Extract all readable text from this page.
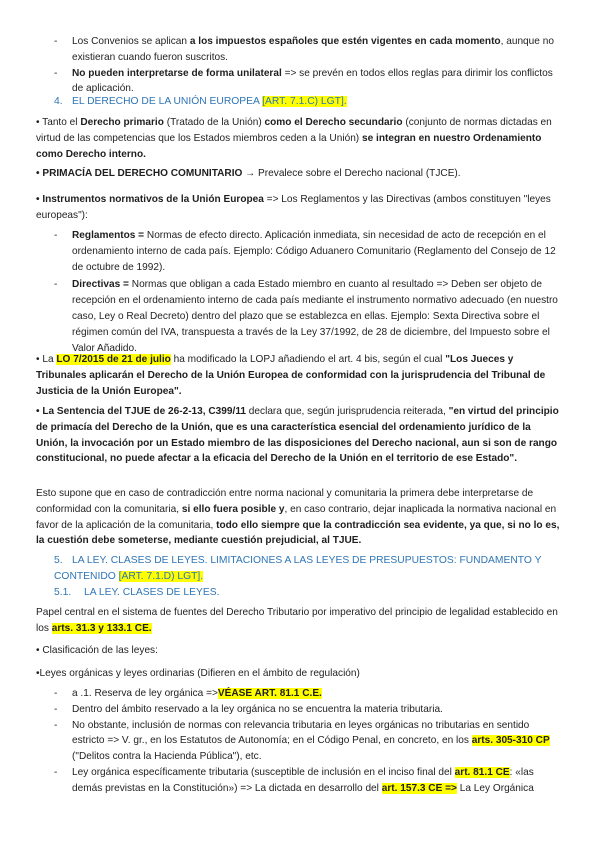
- Los Convenios se aplican a los impuestos españoles que estén vigentes en cada momento, aunque no existieran cuando fueron suscritos.
- No pueden interpretarse de forma unilateral => se prevén en todos ellos reglas para dirimir los conflictos de aplicación.
4. EL DERECHO DE LA UNIÓN EUROPEA [ART. 7.1.C) LGT].

• Tanto el Derecho primario (Tratado de la Unión) como el Derecho secundario (conjunto de normas dictadas en virtud de las competencias que los Estados miembros ceden a la Unión) se integran en nuestro Ordenamiento como Derecho interno.

• PRIMACÍA DEL DERECHO COMUNITARIO → Prevalece sobre el Derecho nacional (TJCE).

• Instrumentos normativos de la Unión Europea => Los Reglamentos y las Directivas (ambos constituyen "leyes europeas"):

- Reglamentos = Normas de efecto directo. Aplicación inmediata, sin necesidad de acto de recepción en el ordenamiento interno de cada país. Ejemplo: Código Aduanero Comunitario (Reglamento del Consejo de 12 de octubre de 1992).
- Directivas = Normas que obligan a cada Estado miembro en cuanto al resultado => Deben ser objeto de recepción en el ordenamiento interno de cada país mediante el instrumento normativo adecuado (en nuestro caso, Ley o Real Decreto) dentro del plazo que se establezca en ellas. Ejemplo: Sexta Directiva sobre el régimen común del IVA, transpuesta a través de la Ley 37/1992, de 28 de diciembre, del Impuesto sobre el Valor Añadido.

• La LO 7/2015 de 21 de julio ha modificado la LOPJ añadiendo el art. 4 bis, según el cual "Los Jueces y Tribunales aplicarán el Derecho de la Unión Europea de conformidad con la jurisprudencia del Tribunal de Justicia de la Unión Europea".

• La Sentencia del TJUE de 26-2-13, C399/11 declara que, según jurisprudencia reiterada, "en virtud del principio de primacía del Derecho de la Unión, que es una característica esencial del ordenamiento jurídico de la Unión, la invocación por un Estado miembro de las disposiciones del Derecho nacional, aun si son de rango constitucional, no puede afectar a la eficacia del Derecho de la Unión en el territorio de ese Estado".

Esto supone que en caso de contradicción entre norma nacional y comunitaria la primera debe interpretarse de conformidad con la comunitaria, si ello fuera posible y, en caso contrario, dejar inaplicada la normativa nacional en favor de la aplicación de la comunitaria, todo ello siempre que la contradicción sea evidente, ya que, si no lo es, la cuestión debe someterse, mediante cuestión prejudicial, al TJUE.

5. LA LEY. CLASES DE LEYES. LIMITACIONES A LAS LEYES DE PRESUPUESTOS: FUNDAMENTO Y CONTENIDO [ART. 7.1.D) LGT].
5.1. LA LEY. CLASES DE LEYES.

Papel central en el sistema de fuentes del Derecho Tributario por imperativo del principio de legalidad establecido en los arts. 31.3 y 133.1 CE.

• Clasificación de las leyes:

•Leyes orgánicas y leyes ordinarias (Difieren en el ámbito de regulación)

- a .1. Reserva de ley orgánica =>VÉASE ART. 81.1 C.E.
- Dentro del ámbito reservado a la ley orgánica no se encuentra la materia tributaria.
- No obstante, inclusión de normas con relevancia tributaria en leyes orgánicas no tributarias en sentido estricto => V. gr., en los Estatutos de Autonomía; en el Código Penal, en concreto, en los arts. 305-310 CP ("Delitos contra la Hacienda Pública"), etc.
- Ley orgánica específicamente tributaria (susceptible de inclusión en el inciso final del art. 81.1 CE: «las demás previstas en la Constitución») => La dictada en desarrollo del art. 157.3 CE => La Ley Orgánica
